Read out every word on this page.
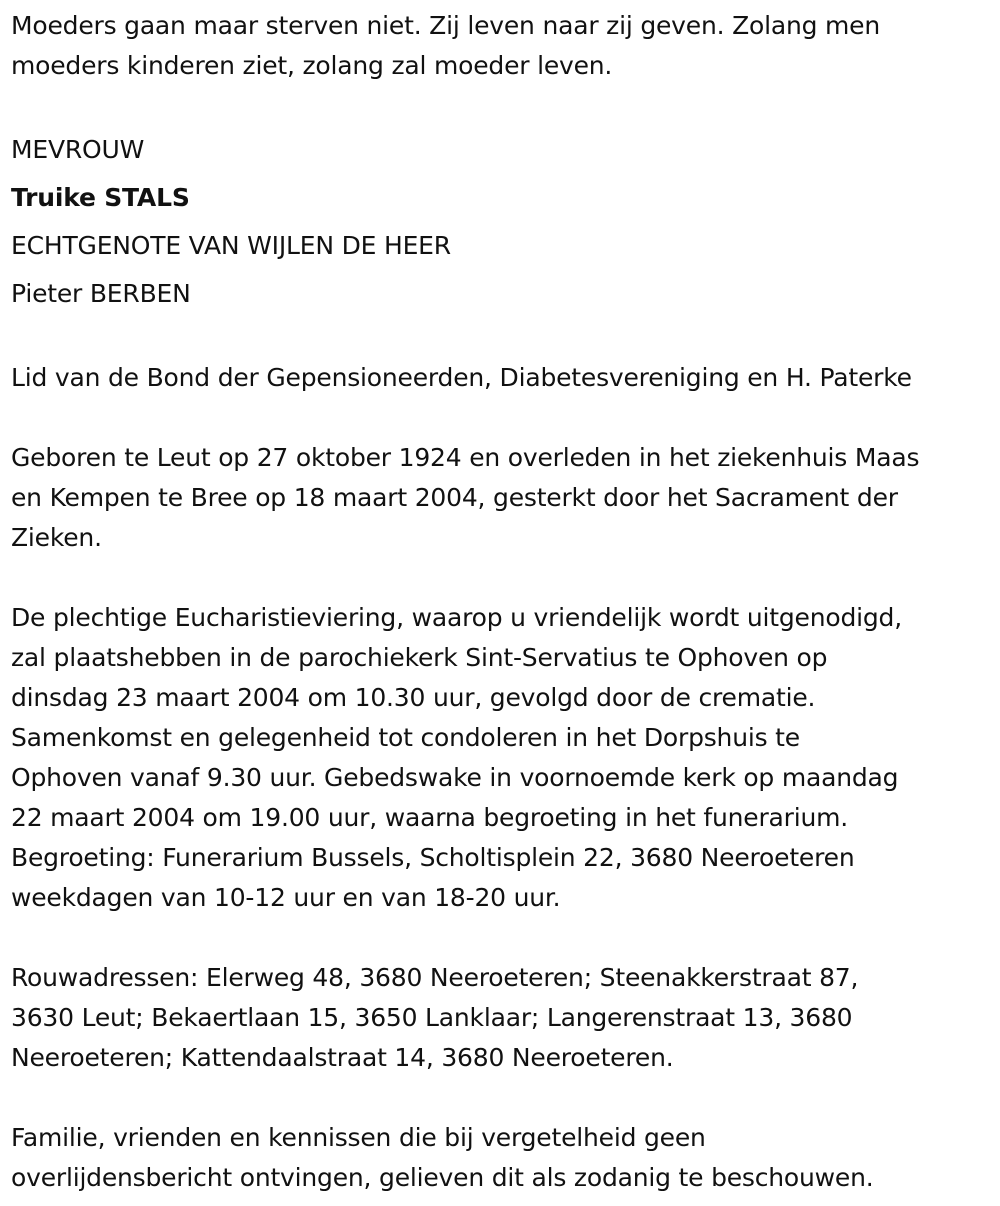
Moeders gaan maar sterven niet. Zij leven naar zij geven. Zolang men
moeders kinderen ziet, zolang zal moeder leven.
MEVROUW
Truike STALS
ECHTGENOTE VAN WIJLEN DE HEER
Pieter BERBEN
Lid van de Bond der Gepensioneerden, Diabetesvereniging en H. Paterke
Geboren te Leut op 27 oktober 1924 en overleden in het ziekenhuis Maas
en Kempen te Bree op 18 maart 2004, gesterkt door het Sacrament der
Zieken.
De plechtige Eucharistieviering, waarop u vriendelijk wordt uitgenodigd,
zal plaatshebben in de parochiekerk Sint-Servatius te Ophoven op
dinsdag 23 maart 2004 om 10.30 uur, gevolgd door de crematie.
Samenkomst en gelegenheid tot condoleren in het Dorpshuis te
Ophoven vanaf 9.30 uur. Gebedswake in voornoemde kerk op maandag
22 maart 2004 om 19.00 uur, waarna begroeting in het funerarium.
Begroeting: Funerarium Bussels, Scholtisplein 22, 3680 Neeroeteren
weekdagen van 10-12 uur en van 18-20 uur.
Rouwadressen: Elerweg 48, 3680 Neeroeteren; Steenakkerstraat 87,
3630 Leut; Bekaertlaan 15, 3650 Lanklaar; Langerenstraat 13, 3680
Neeroeteren; Kattendaalstraat 14, 3680 Neeroeteren.
Familie, vrienden en kennissen die bij vergetelheid geen
overlijdensbericht ontvingen, gelieven dit als zodanig te beschouwen.
